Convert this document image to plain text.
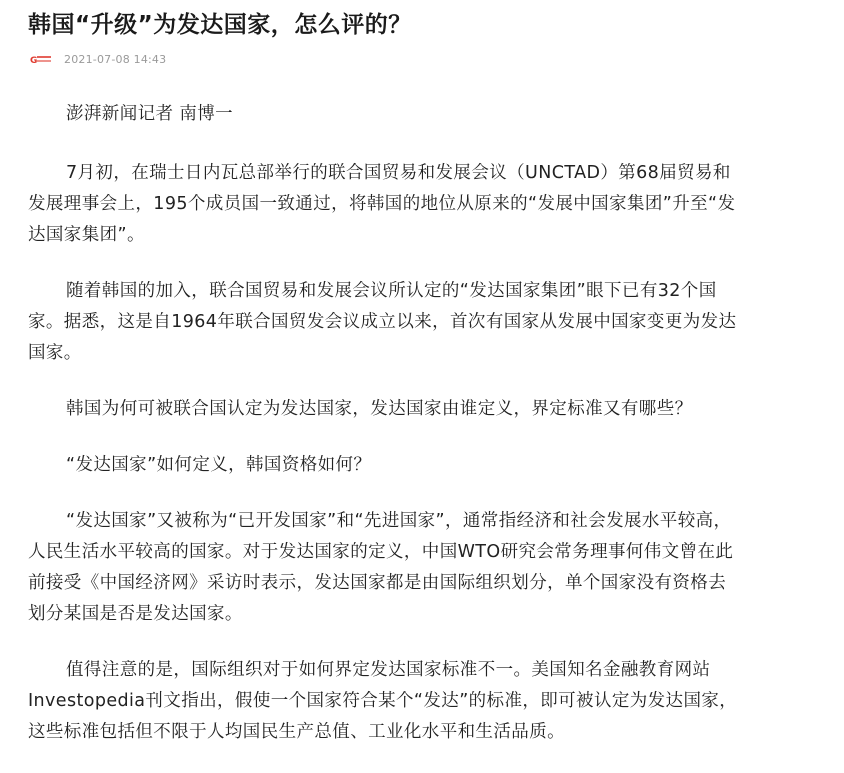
韩国“升级”为发达国家，怎么评的？
G 2021-07-08 14:43

澎湃新闻记者 南博一

7月初，在瑞士日内瓦总部举行的联合国贸易和发展会议（UNCTAD）第68届贸易和发展理事会上，195个成员国一致通过，将韩国的地位从原来的“发展中国家集团”升至“发达国家集团”。

随着韩国的加入，联合国贸易和发展会议所认定的“发达国家集团”眼下已有32个国家。据悉，这是自1964年联合国贸发会议成立以来，首次有国家从发展中国家变更为发达国家。

韩国为何可被联合国认定为发达国家，发达国家由谁定义，界定标准又有哪些？

“发达国家”如何定义，韩国资格如何？

“发达国家”又被称为“已开发国家”和“先进国家”，通常指经济和社会发展水平较高，人民生活水平较高的国家。对于发达国家的定义，中国WTO研究会常务理事何伟文曾在此前接受《中国经济网》采访时表示，发达国家都是由国际组织划分，单个国家没有资格去划分某国是否是发达国家。

值得注意的是，国际组织对于如何界定发达国家标准不一。美国知名金融教育网站Investopedia刊文指出，假使一个国家符合某个“发达”的标准，即可被认定为发达国家，这些标准包括但不限于人均国民生产总值、工业化水平和生活品质。
